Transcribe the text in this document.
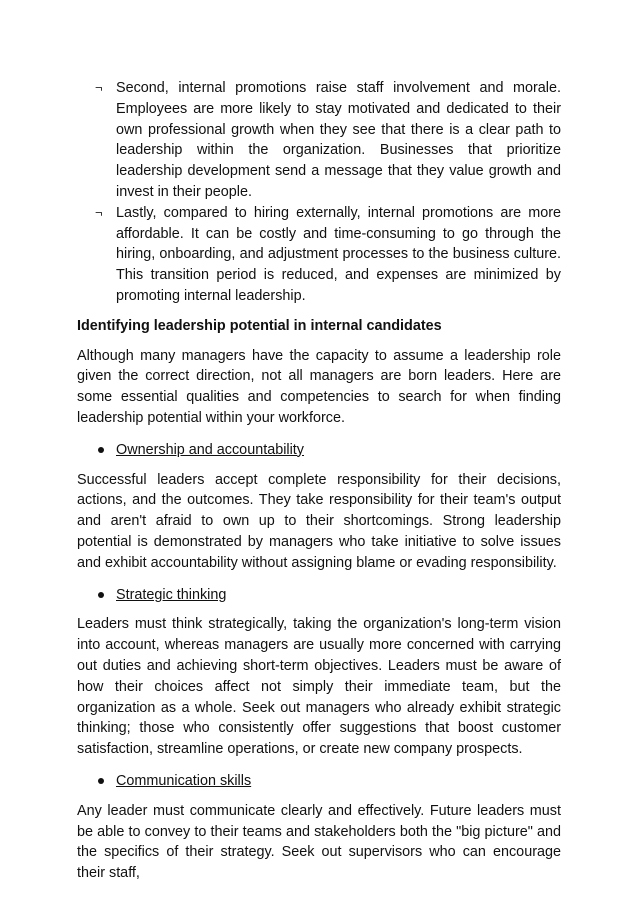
¬ Second, internal promotions raise staff involvement and morale. Employees are more likely to stay motivated and dedicated to their own professional growth when they see that there is a clear path to leadership within the organization. Businesses that prioritize leadership development send a message that they value growth and invest in their people.

¬ Lastly, compared to hiring externally, internal promotions are more affordable. It can be costly and time-consuming to go through the hiring, onboarding, and adjustment processes to the business culture. This transition period is reduced, and expenses are minimized by promoting internal leadership.

Identifying leadership potential in internal candidates

Although many managers have the capacity to assume a leadership role given the correct direction, not all managers are born leaders. Here are some essential qualities and competencies to search for when finding leadership potential within your workforce.

Ownership and accountability

Successful leaders accept complete responsibility for their decisions, actions, and the outcomes. They take responsibility for their team's output and aren't afraid to own up to their shortcomings. Strong leadership potential is demonstrated by managers who take initiative to solve issues and exhibit accountability without assigning blame or evading responsibility.

Strategic thinking

Leaders must think strategically, taking the organization's long-term vision into account, whereas managers are usually more concerned with carrying out duties and achieving short-term objectives. Leaders must be aware of how their choices affect not simply their immediate team, but the organization as a whole. Seek out managers who already exhibit strategic thinking; those who consistently offer suggestions that boost customer satisfaction, streamline operations, or create new company prospects.

Communication skills

Any leader must communicate clearly and effectively. Future leaders must be able to convey to their teams and stakeholders both the "big picture" and the specifics of their strategy. Seek out supervisors who can encourage their staff,
